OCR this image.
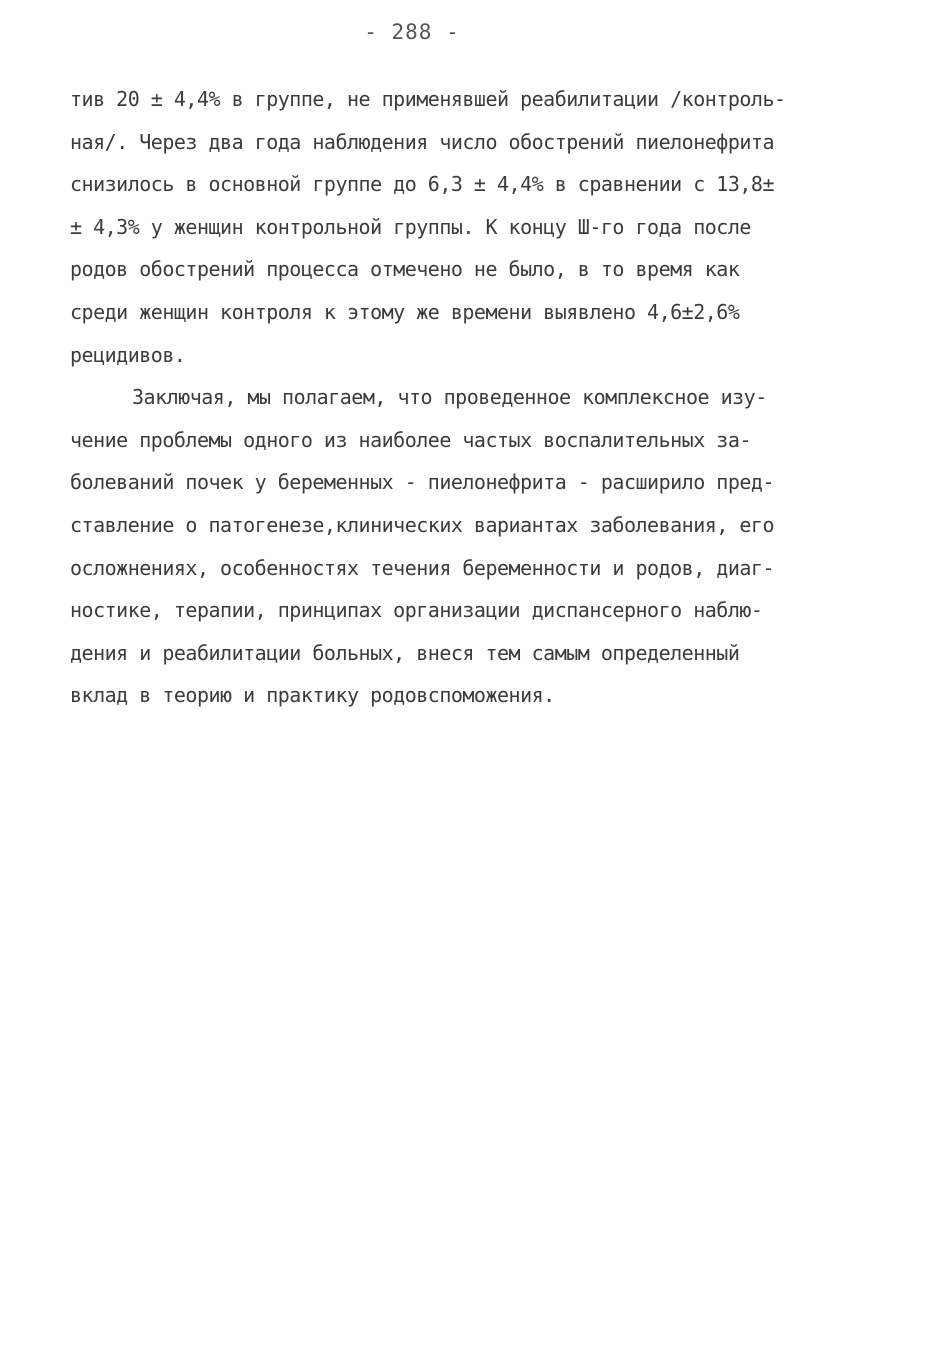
- 288 -
тив 20 ± 4,4% в группе, не применявшей реабилитации /контроль-
ная/. Через два года наблюдения число обострений пиелонефрита
снизилось в основной группе до 6,3 ± 4,4% в сравнении с 13,8±
± 4,3% у женщин контрольной группы. К концу Ш-го года после
родов обострений процесса отмечено не было, в то время как
среди женщин контроля к этому же времени выявлено 4,6±2,6%
рецидивов.
Заключая, мы полагаем, что проведенное комплексное изу-
чение проблемы одного из наиболее частых воспалительных за-
болеваний почек у беременных - пиелонефрита - расширило пред-
ставление о патогенезе,клинических вариантах заболевания, его
осложнениях, особенностях течения беременности и родов, диаг-
ностике, терапии, принципах организации диспансерного наблю-
дения и реабилитации больных, внеся тем самым определенный
вклад в теорию и практику родовспоможения.
